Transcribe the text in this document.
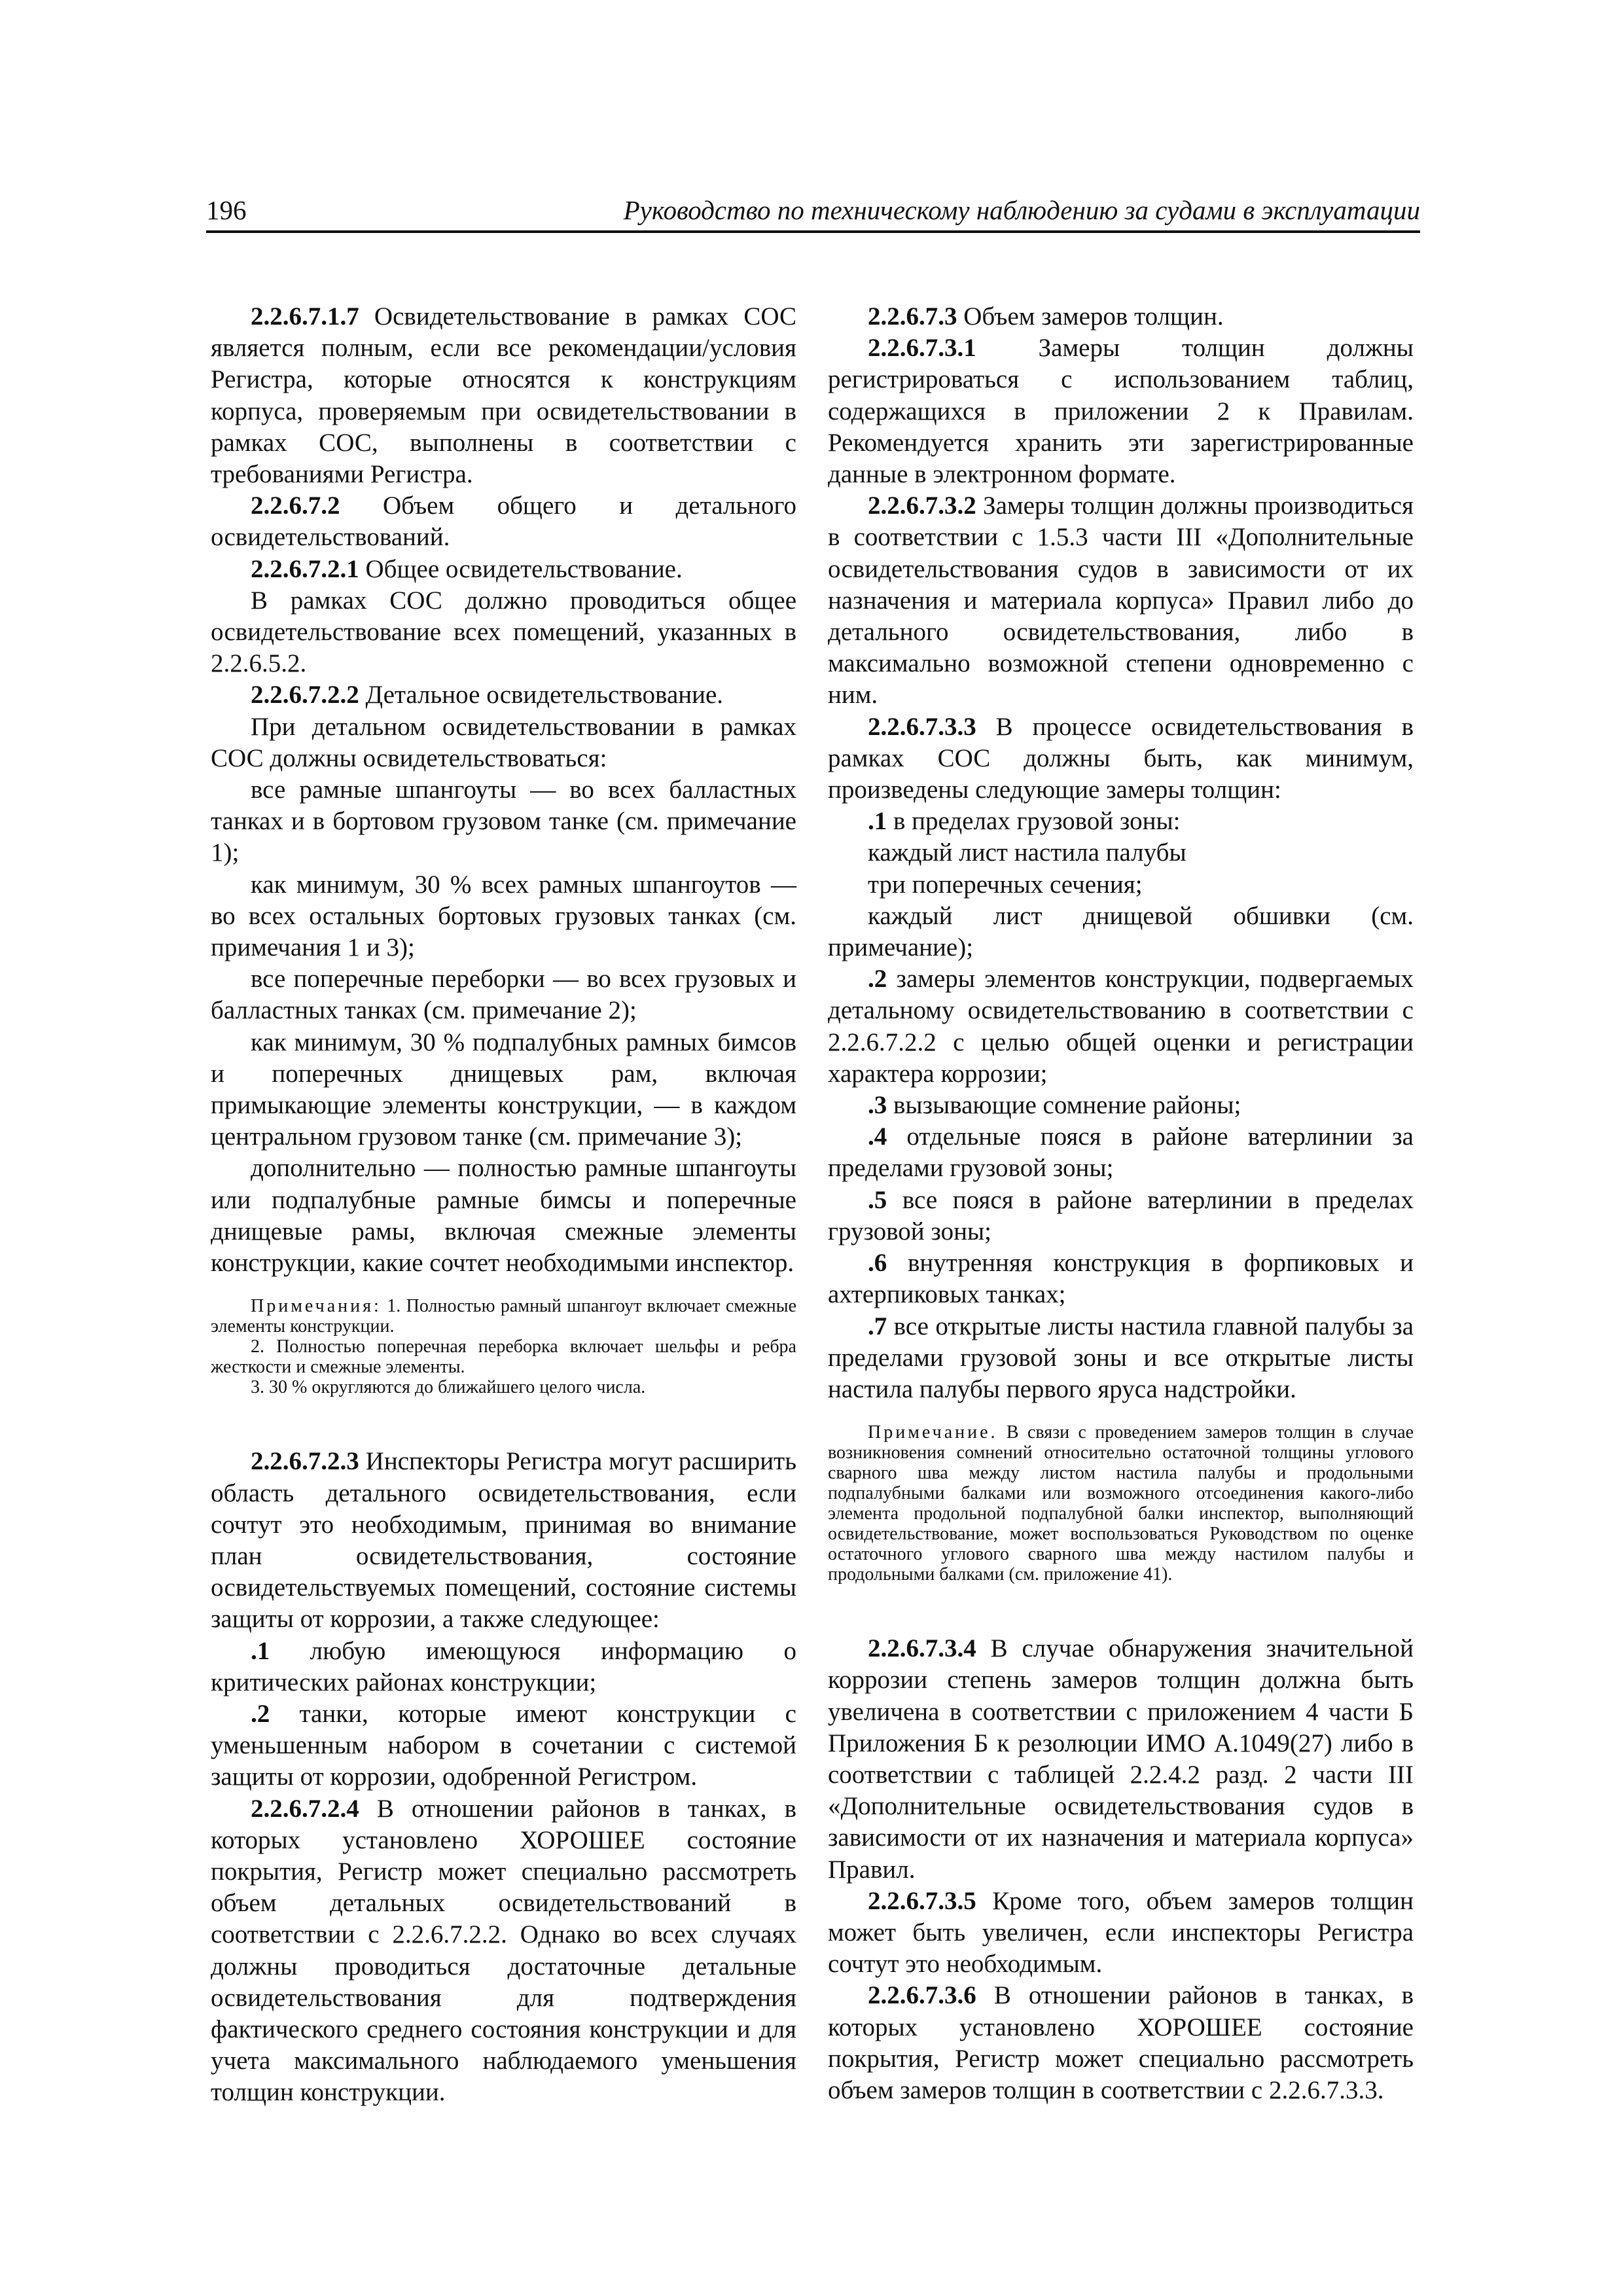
196	Руководство по техническому наблюдению за судами в эксплуатации

2.2.6.7.1.7 Освидетельствование в рамках СОС является полным, если все рекомендации/условия Регистра, которые относятся к конструкциям корпуса, проверяемым при освидетельствовании в рамках СОС, выполнены в соответствии с требованиями Регистра.

2.2.6.7.2 Объем общего и детального освидетельствований.

2.2.6.7.2.1 Общее освидетельствование.

В рамках СОС должно проводиться общее освидетельствование всех помещений, указанных в 2.2.6.5.2.

2.2.6.7.2.2 Детальное освидетельствование.

При детальном освидетельствовании в рамках СОС должны освидетельствоваться:

все рамные шпангоуты — во всех балластных танках и в бортовом грузовом танке (см. примечание 1);

как минимум, 30 % всех рамных шпангоутов — во всех остальных бортовых грузовых танках (см. примечания 1 и 3);

все поперечные переборки — во всех грузовых и балластных танках (см. примечание 2);

как минимум, 30 % подпалубных рамных бимсов и поперечных днищевых рам, включая примыкающие элементы конструкции, — в каждом центральном грузовом танке (см. примечание 3);

дополнительно — полностью рамные шпангоуты или подпалубные рамные бимсы и поперечные днищевые рамы, включая смежные элементы конструкции, какие сочтет необходимыми инспектор.

Примечания: 1. Полностью рамный шпангоут включает смежные элементы конструкции.

2. Полностью поперечная переборка включает шельфы и ребра жесткости и смежные элементы.

3. 30 % округляются до ближайшего целого числа.

2.2.6.7.2.3 Инспекторы Регистра могут расширить область детального освидетельствования, если сочтут это необходимым, принимая во внимание план освидетельствования, состояние освидетельствуемых помещений, состояние системы защиты от коррозии, а также следующее:

.1 любую имеющуюся информацию о критических районах конструкции;

.2 танки, которые имеют конструкции с уменьшенным набором в сочетании с системой защиты от коррозии, одобренной Регистром.

2.2.6.7.2.4 В отношении районов в танках, в которых установлено ХОРОШЕЕ состояние покрытия, Регистр может специально рассмотреть объем детальных освидетельствований в соответствии с 2.2.6.7.2.2. Однако во всех случаях должны проводиться достаточные детальные освидетельствования для подтверждения фактического среднего состояния конструкции и для учета максимального наблюдаемого уменьшения толщин конструкции.

2.2.6.7.3 Объем замеров толщин.

2.2.6.7.3.1 Замеры толщин должны регистрироваться с использованием таблиц, содержащихся в приложении 2 к Правилам. Рекомендуется хранить эти зарегистрированные данные в электронном формате.

2.2.6.7.3.2 Замеры толщин должны производиться в соответствии с 1.5.3 части III «Дополнительные освидетельствования судов в зависимости от их назначения и материала корпуса» Правил либо до детального освидетельствования, либо в максимально возможной степени одновременно с ним.

2.2.6.7.3.3 В процессе освидетельствования в рамках СОС должны быть, как минимум, произведены следующие замеры толщин:

.1 в пределах грузовой зоны:

каждый лист настила палубы

три поперечных сечения;

каждый лист днищевой обшивки (см. примечание);

.2 замеры элементов конструкции, подвергаемых детальному освидетельствованию в соответствии с 2.2.6.7.2.2 с целью общей оценки и регистрации характера коррозии;

.3 вызывающие сомнение районы;

.4 отдельные пояся в районе ватерлинии за пределами грузовой зоны;

.5 все пояся в районе ватерлинии в пределах грузовой зоны;

.6 внутренняя конструкция в форпиковых и ахтерпиковых танках;

.7 все открытые листы настила главной палубы за пределами грузовой зоны и все открытые листы настила палубы первого яруса надстройки.

Примечание. В связи с проведением замеров толщин в случае возникновения сомнений относительно остаточной толщины углового сварного шва между листом настила палубы и продольными подпалубными балками или возможного отсоединения какого-либо элемента продольной подпалубной балки инспектор, выполняющий освидетельствование, может воспользоваться Руководством по оценке остаточного углового сварного шва между настилом палубы и продольными балками (см. приложение 41).

2.2.6.7.3.4 В случае обнаружения значительной коррозии степень замеров толщин должна быть увеличена в соответствии с приложением 4 части Б Приложения Б к резолюции ИМО А.1049(27) либо в соответствии с таблицей 2.2.4.2 разд. 2 части III «Дополнительные освидетельствования судов в зависимости от их назначения и материала корпуса» Правил.

2.2.6.7.3.5 Кроме того, объем замеров толщин может быть увеличен, если инспекторы Регистра сочтут это необходимым.

2.2.6.7.3.6 В отношении районов в танках, в которых установлено ХОРОШЕЕ состояние покрытия, Регистр может специально рассмотреть объем замеров толщин в соответствии с 2.2.6.7.3.3.
